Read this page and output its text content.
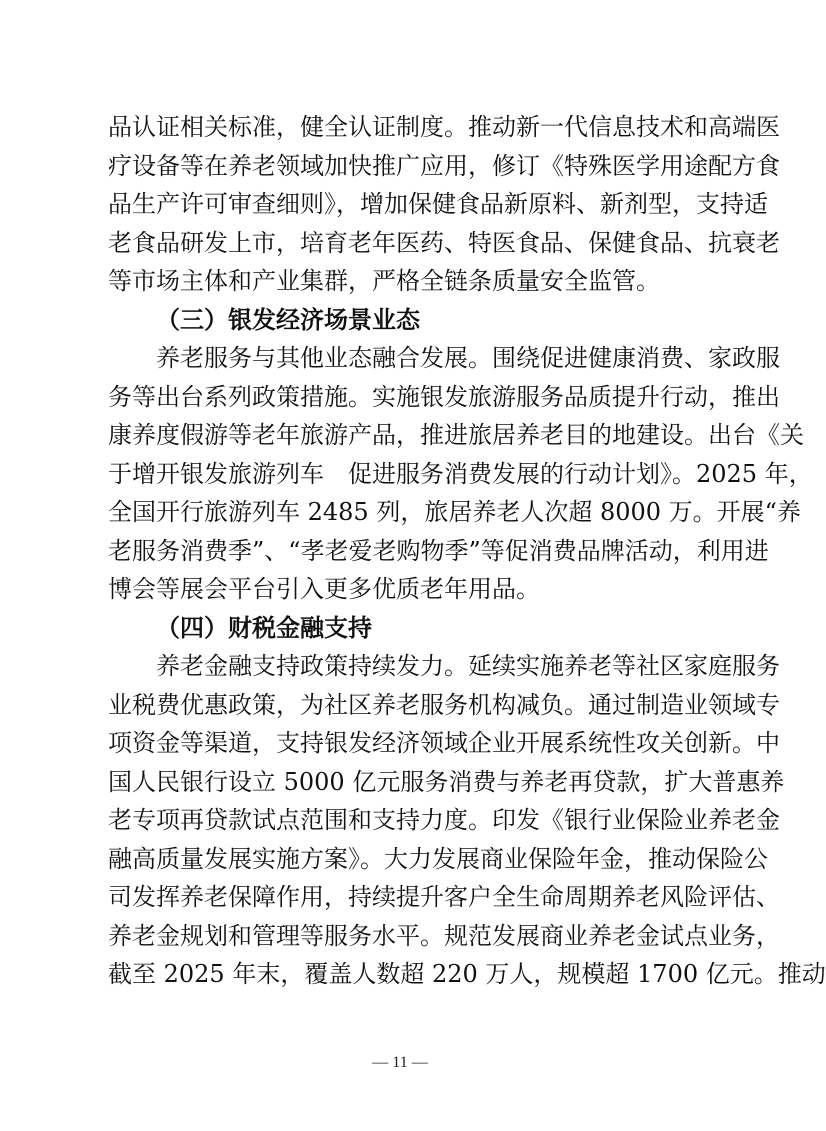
品认证相关标准，健全认证制度。推动新一代信息技术和高端医
疗设备等在养老领域加快推广应用，修订《特殊医学用途配方食
品生产许可审查细则》，增加保健食品新原料、新剂型，支持适
老食品研发上市，培育老年医药、特医食品、保健食品、抗衰老
等市场主体和产业集群，严格全链条质量安全监管。
（三）银发经济场景业态
　　养老服务与其他业态融合发展。围绕促进健康消费、家政服
务等出台系列政策措施。实施银发旅游服务品质提升行动，推出
康养度假游等老年旅游产品，推进旅居养老目的地建设。出台《关
于增开银发旅游列车　促进服务消费发展的行动计划》。2025 年，
全国开行旅游列车 2485 列，旅居养老人次超 8000 万。开展“养
老服务消费季”、“孝老爱老购物季”等促消费品牌活动，利用进
博会等展会平台引入更多优质老年用品。
（四）财税金融支持
　　养老金融支持政策持续发力。延续实施养老等社区家庭服务
业税费优惠政策，为社区养老服务机构减负。通过制造业领域专
项资金等渠道，支持银发经济领域企业开展系统性攻关创新。中
国人民银行设立 5000 亿元服务消费与养老再贷款，扩大普惠养
老专项再贷款试点范围和支持力度。印发《银行业保险业养老金
融高质量发展实施方案》。大力发展商业保险年金，推动保险公
司发挥养老保障作用，持续提升客户全生命周期养老风险评估、
养老金规划和管理等服务水平。规范发展商业养老金试点业务，
截至 2025 年末，覆盖人数超 220 万人，规模超 1700 亿元。推动
— 11 —
